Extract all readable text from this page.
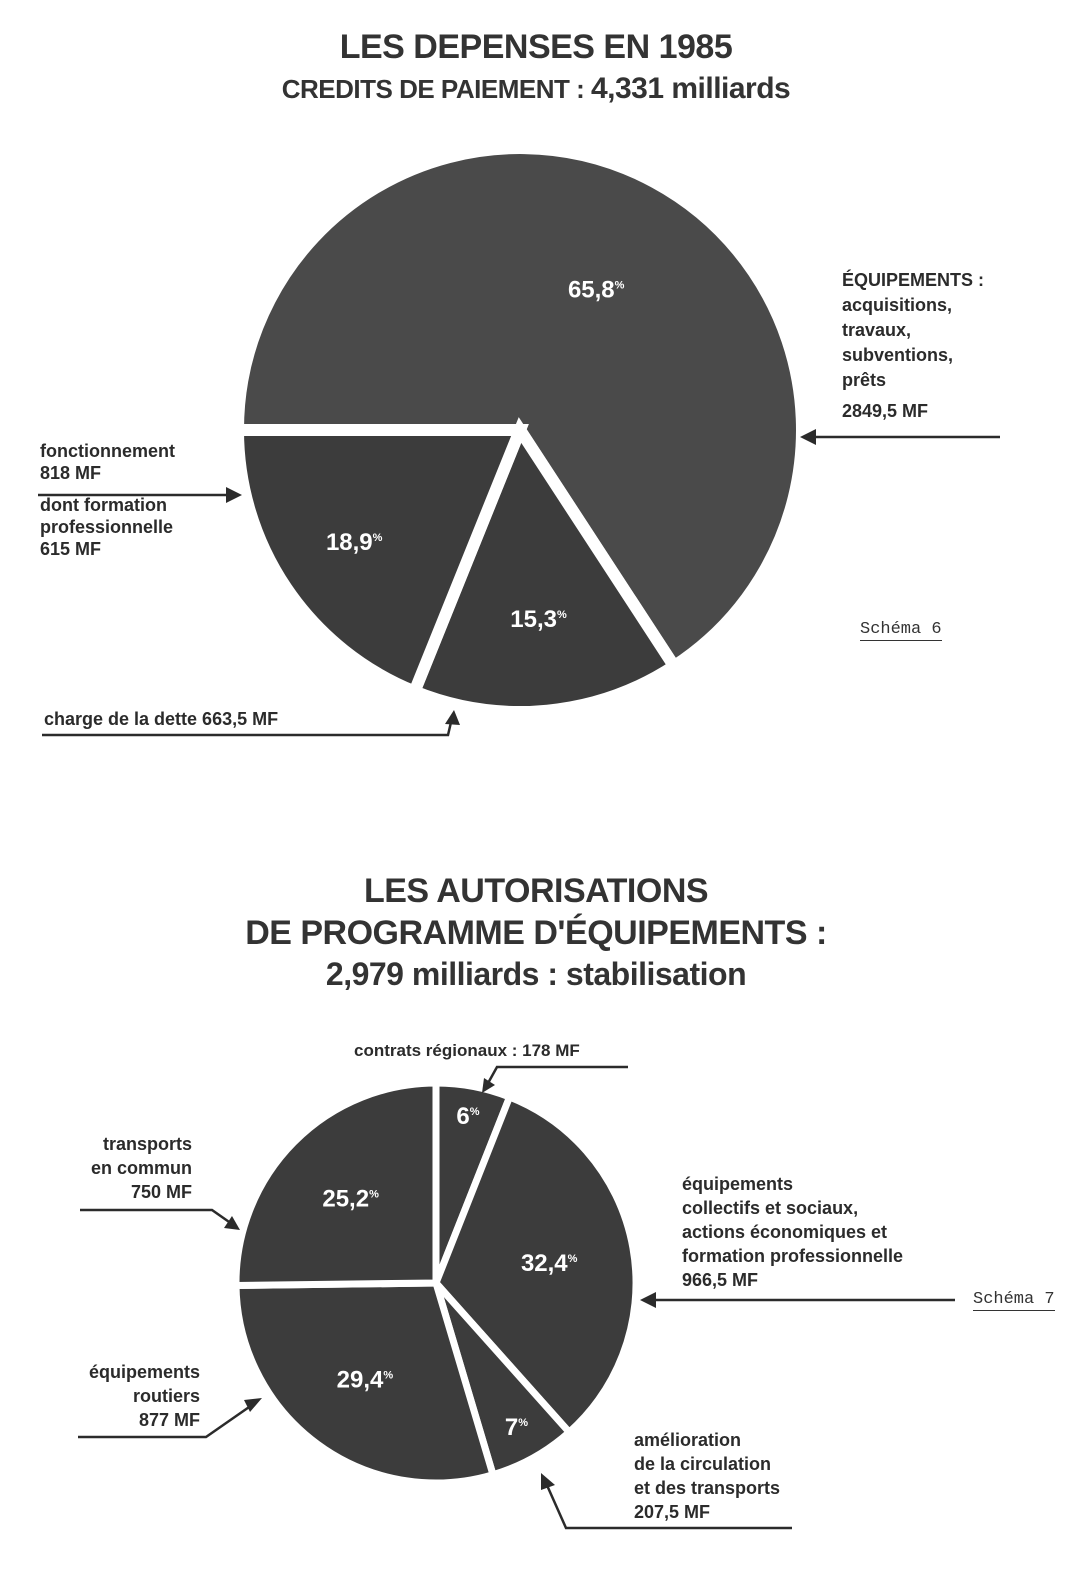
LES DEPENSES EN 1985
CREDITS DE PAIEMENT : 4,331 milliards
LES AUTORISATIONS
DE PROGRAMME D'ÉQUIPEMENTS :
2,979 milliards : stabilisation
65,8%
15,3%
18,9%
6%
32,4%
7%
29,4%
25,2%
ÉQUIPEMENTS :
acquisitions,
travaux,
subventions,
prêts
2849,5 MF
fonctionnement
818 MF
dont formation
professionnelle
615 MF
charge de la dette 663,5 MF
Schéma 6
contrats régionaux : 178 MF
transports
en commun
750 MF	équipements
collectifs et sociaux,
actions économiques et
formation professionnelle
966,5 MF
Schéma 7
équipements
routiers
877 MF
amélioration
de la circulation
et des transports
207,5 MF
